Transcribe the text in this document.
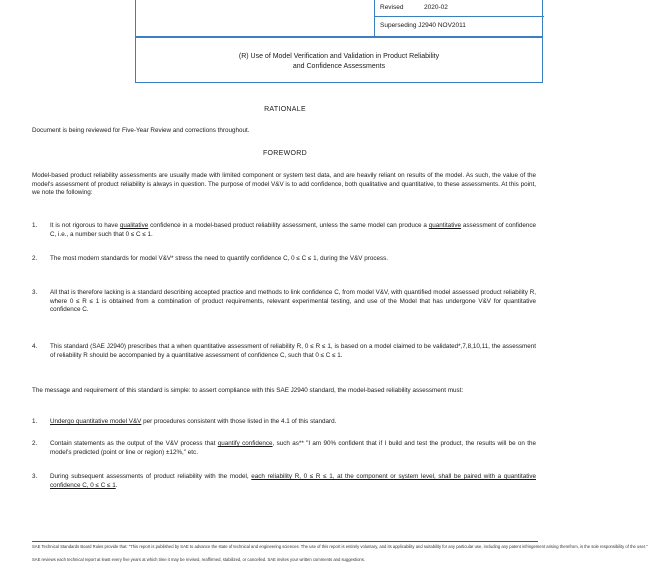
Revised	2020-02
Superseding J2940 NOV2011
(R) Use of Model Verification and Validation in Product Reliability
and Confidence Assessments
RATIONALE
Document is being reviewed for Five-Year Review and corrections throughout.
FOREWORD
Model-based product reliability assessments are usually made with limited component or system test data, and are heavily reliant on results of the model. As such, the value of the model's assessment of product reliability is always in question. The purpose of model V&V is to add confidence, both qualitative and quantitative, to these assessments. At this point, we note the following:
1. It is not rigorous to have qualitative confidence in a model-based product reliability assessment, unless the same model can produce a quantitative assessment of confidence C, i.e., a number such that 0 ≤ C ≤ 1.
2. The most modern standards for model V&V* stress the need to quantify confidence C, 0 ≤ C ≤ 1, during the V&V process.
3. All that is therefore lacking is a standard describing accepted practice and methods to link confidence C, from model V&V, with quantified model assessed product reliability R, where 0 ≤ R ≤ 1 is obtained from a combination of product requirements, relevant experimental testing, and use of the Model that has undergone V&V for quantitative confidence C.
4. This standard (SAE J2940) prescribes that a when quantitative assessment of reliability R, 0 ≤ R ≤ 1, is based on a model claimed to be validated*,7,8,10,11, the assessment of reliability R should be accompanied by a quantitative assessment of confidence C, such that 0 ≤ C ≤ 1.
The message and requirement of this standard is simple: to assert compliance with this SAE J2940 standard, the model-based reliability assessment must:
1. Undergo quantitative model V&V per procedures consistent with those listed in the 4.1 of this standard.
2. Contain statements as the output of the V&V process that quantify confidence, such as** "I am 90% confident that if I build and test the product, the results will be on the model's predicted (point or line or region) ±12%," etc.
3. During subsequent assessments of product reliability with the model, each reliability R, 0 ≤ R ≤ 1, at the component or system level, shall be paired with a quantitative confidence C, 0 ≤ C ≤ 1.
SAE Technical Standards Board Rules provide that: "This report is published by SAE to advance the state of technical and engineering sciences. The use of this report is entirely voluntary, and its applicability and suitability for any particular use, including any patent infringement arising therefrom, is the sole responsibility of the user."
SAE reviews each technical report at least every five years at which time it may be revised, reaffirmed, stabilized, or cancelled. SAE invites your written comments and suggestions.
